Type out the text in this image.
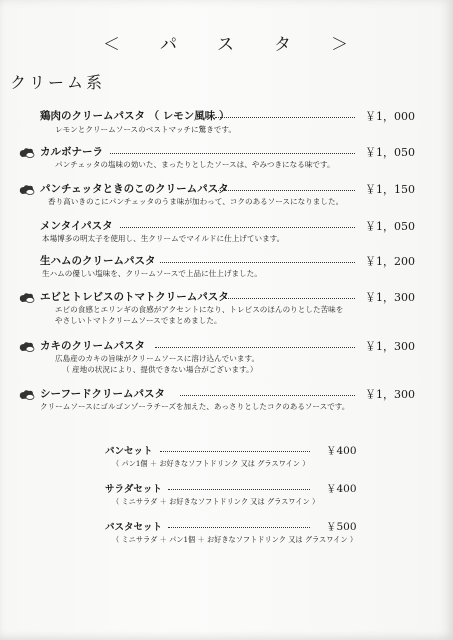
＜　　パ　　ス　　タ　　＞
クリーム系
鶏肉のクリームパスタ （ レモン風味 ）	￥1，000
レモンとクリームソースのベストマッチに驚きです。
カルボナーラ	￥1，050
パンチェッタの塩味の効いた、まったりとしたソースは、やみつきになる味です。
パンチェッタときのこのクリームパスタ	￥1，150
香り高いきのこにパンチェッタのうま味が加わって、コクのあるソースになりました。
メンタイパスタ	￥1，050
本場博多の明太子を使用し、生クリームでマイルドに仕上げています。
生ハムのクリームパスタ	￥1，200
生ハムの優しい塩味を、クリームソースで上品に仕上げました。
エビとトレビスのトマトクリームパスタ	￥1，300
エビの食感とエリンギの食感がアクセントになり、トレビスのほんのりとした苦味を
やさしいトマトクリームソースでまとめました。
カキのクリームパスタ	￥1，300
広島産のカキの旨味がクリームソースに溶け込んでいます。
（ 産地の状況により、提供できない場合がございます。）
シーフードクリームパスタ	￥1，300
クリームソースにゴルゴンゾーラチーズを加えた、あっさりとしたコクのあるソースです。
パンセット	￥400
（ パン1個 ＋ お好きなソフトドリンク 又は グラスワイン ）
サラダセット	￥400
（ ミニサラダ ＋ お好きなソフトドリンク 又は グラスワイン ）
パスタセット	￥500
（ ミニサラダ ＋ パン1個 ＋ お好きなソフトドリンク 又は グラスワイン ）
